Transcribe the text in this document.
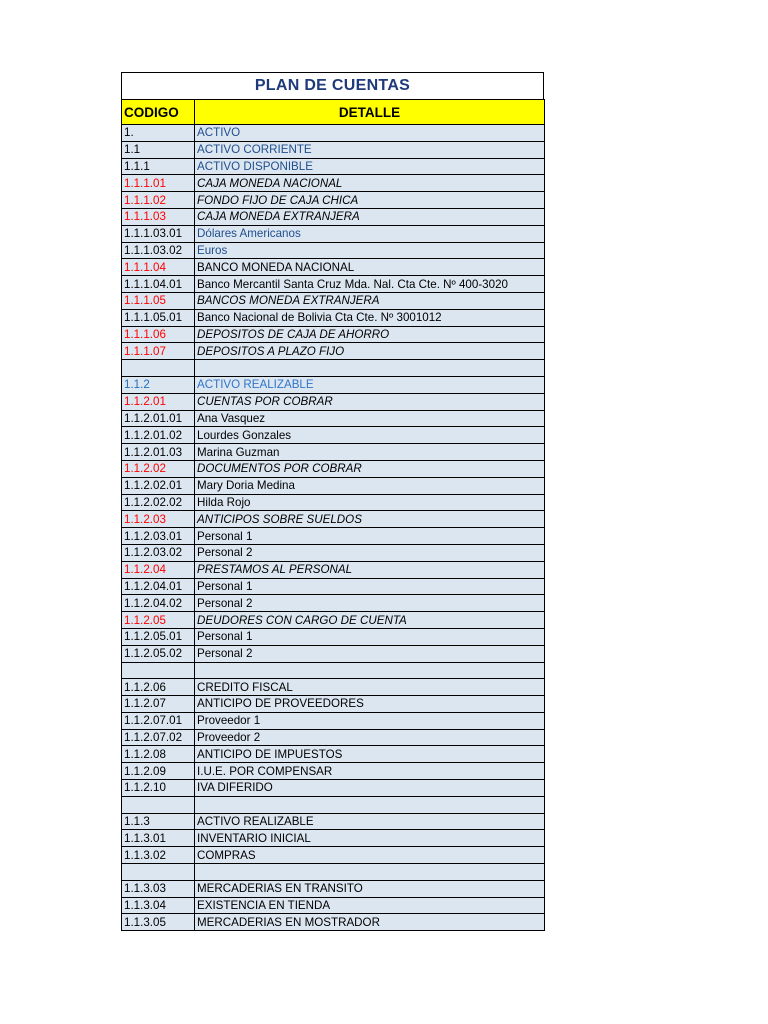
PLAN DE CUENTAS
CODIGO	DETALLE
1.	ACTIVO
1.1	ACTIVO CORRIENTE
1.1.1	ACTIVO DISPONIBLE
1.1.1.01	CAJA MONEDA NACIONAL
1.1.1.02	FONDO FIJO DE CAJA CHICA
1.1.1.03	CAJA MONEDA EXTRANJERA
1.1.1.03.01	Dólares Americanos
1.1.1.03.02	Euros
1.1.1.04	BANCO MONEDA NACIONAL
1.1.1.04.01	Banco Mercantil Santa Cruz Mda. Nal. Cta Cte. Nº 400-3020
1.1.1.05	BANCOS MONEDA EXTRANJERA
1.1.1.05.01	Banco Nacional de Bolivia Cta Cte. Nº 3001012
1.1.1.06	DEPOSITOS DE CAJA DE AHORRO
1.1.1.07	DEPOSITOS A PLAZO FIJO

1.1.2	ACTIVO REALIZABLE
1.1.2.01	CUENTAS POR COBRAR
1.1.2.01.01	Ana Vasquez
1.1.2.01.02	Lourdes Gonzales
1.1.2.01.03	Marina Guzman
1.1.2.02	DOCUMENTOS POR COBRAR
1.1.2.02.01	Mary Doria Medina
1.1.2.02.02	Hilda Rojo
1.1.2.03	ANTICIPOS SOBRE SUELDOS
1.1.2.03.01	Personal 1
1.1.2.03.02	Personal 2
1.1.2.04	PRESTAMOS AL PERSONAL
1.1.2.04.01	Personal 1
1.1.2.04.02	Personal 2
1.1.2.05	DEUDORES CON CARGO DE CUENTA
1.1.2.05.01	Personal 1
1.1.2.05.02	Personal 2

1.1.2.06	CREDITO FISCAL
1.1.2.07	ANTICIPO DE PROVEEDORES
1.1.2.07.01	Proveedor 1
1.1.2.07.02	Proveedor 2
1.1.2.08	ANTICIPO DE IMPUESTOS
1.1.2.09	I.U.E. POR COMPENSAR
1.1.2.10	IVA DIFERIDO

1.1.3	ACTIVO REALIZABLE
1.1.3.01	INVENTARIO INICIAL
1.1.3.02	COMPRAS

1.1.3.03	MERCADERIAS EN TRANSITO
1.1.3.04	EXISTENCIA EN TIENDA
1.1.3.05	MERCADERIAS EN MOSTRADOR
